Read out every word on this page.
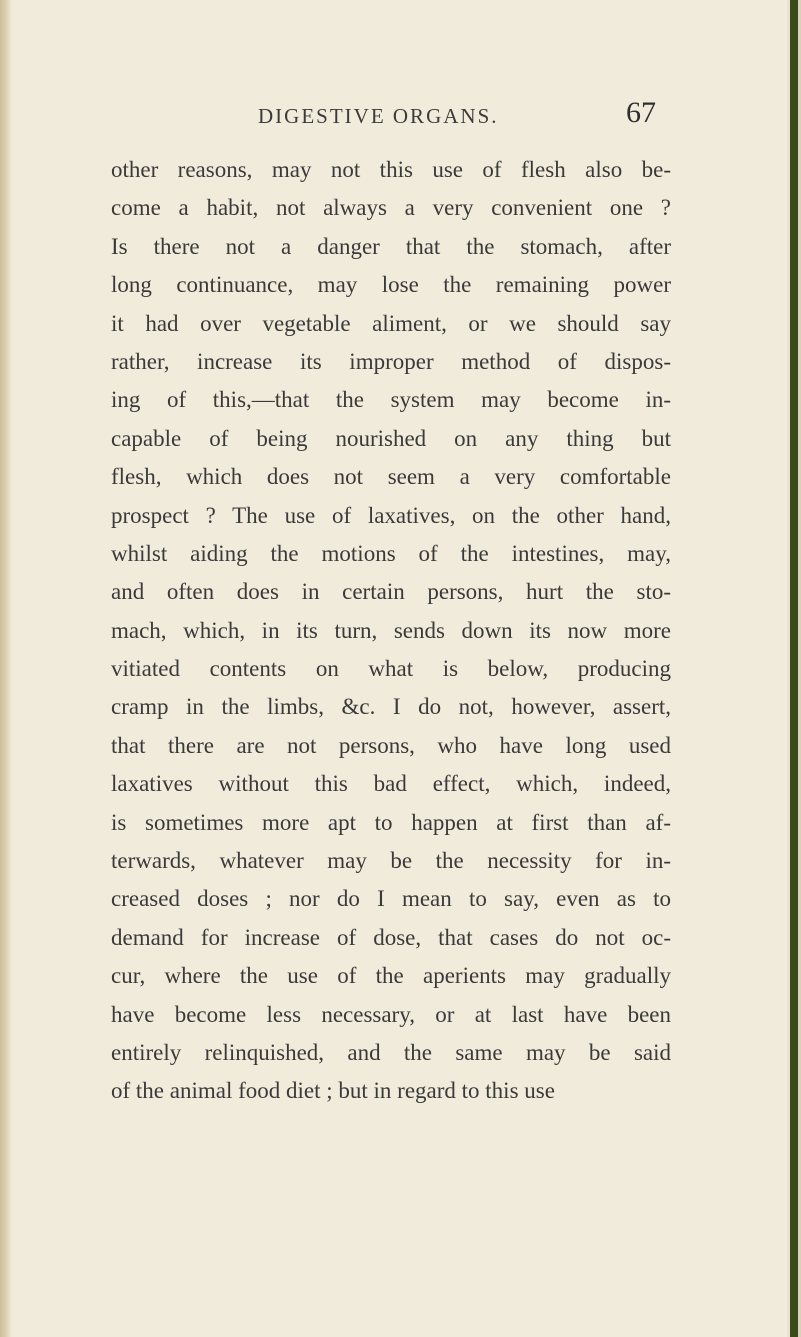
DIGESTIVE ORGANS.	67
other reasons, may not this use of flesh also be-
come a habit, not always a very convenient one ?
Is there not a danger that the stomach, after
long continuance, may lose the remaining power
it had over vegetable aliment, or we should say
rather, increase its improper method of dispos-
ing of this,—that the system may become in-
capable of being nourished on any thing but
flesh, which does not seem a very comfortable
prospect ? The use of laxatives, on the other hand,
whilst aiding the motions of the intestines, may,
and often does in certain persons, hurt the sto-
mach, which, in its turn, sends down its now more
vitiated contents on what is below, producing
cramp in the limbs, &c. I do not, however, assert,
that there are not persons, who have long used
laxatives without this bad effect, which, indeed,
is sometimes more apt to happen at first than af-
terwards, whatever may be the necessity for in-
creased doses ; nor do I mean to say, even as to
demand for increase of dose, that cases do not oc-
cur, where the use of the aperients may gradually
have become less necessary, or at last have been
entirely relinquished, and the same may be said
of the animal food diet ; but in regard to this use
